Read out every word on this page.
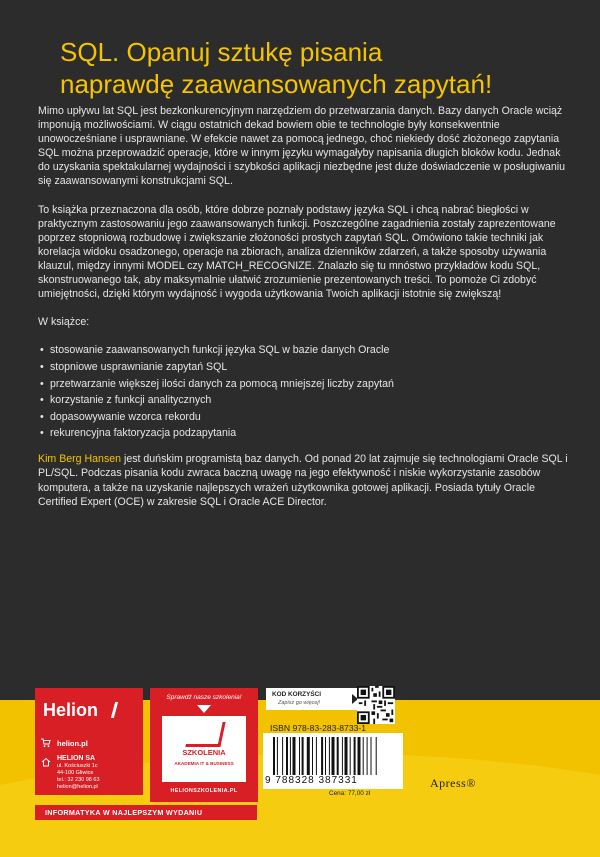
SQL. Opanuj sztukę pisania
naprawdę zaawansowanych zapytań!

Mimo upływu lat SQL jest bezkonkurencyjnym narzędziem do przetwarzania danych. Bazy danych Oracle wciąż imponują możliwościami. W ciągu ostatnich dekad bowiem obie te technologie były konsekwentnie unowocześniane i usprawniane. W efekcie nawet za pomocą jednego, choć niekiedy dość złożonego zapytania SQL można przeprowadzić operacje, które w innym języku wymagałyby napisania długich bloków kodu. Jednak do uzyskania spektakularnej wydajności i szybkości aplikacji niezbędne jest duże doświadczenie w posługiwaniu się zaawansowanymi konstrukcjami SQL.

To książka przeznaczona dla osób, które dobrze poznały podstawy języka SQL i chcą nabrać biegłości w praktycznym zastosowaniu jego zaawansowanych funkcji. Poszczególne zagadnienia zostały zaprezentowane poprzez stopniową rozbudowę i zwiększanie złożoności prostych zapytań SQL. Omówiono takie techniki jak korelacja widoku osadzonego, operacje na zbiorach, analiza dzienników zdarzeń, a także sposoby używania klauzul, między innymi MODEL czy MATCH_RECOGNIZE. Znalazło się tu mnóstwo przykładów kodu SQL, skonstruowanego tak, aby maksymalnie ułatwić zrozumienie prezentowanych treści. To pomoże Ci zdobyć umiejętności, dzięki którym wydajność i wygoda użytkowania Twoich aplikacji istotnie się zwiększą!

W książce:

• stosowanie zaawansowanych funkcji języka SQL w bazie danych Oracle
• stopniowe usprawnianie zapytań SQL
• przetwarzanie większej ilości danych za pomocą mniejszej liczby zapytań
• korzystanie z funkcji analitycznych
• dopasowywanie wzorca rekordu
• rekurencyjna faktoryzacja podzapytania

Kim Berg Hansen jest duńskim programistą baz danych. Od ponad 20 lat zajmuje się technologiami Oracle SQL i PL/SQL. Podczas pisania kodu zwraca baczną uwagę na jego efektywność i niskie wykorzystanie zasobów komputera, a także na uzyskanie najlepszych wrażeń użytkownika gotowej aplikacji. Posiada tytuły Oracle Certified Expert (OCE) w zakresie SQL i Oracle ACE Director.

Helion
helion.pl
HELION SA
ul. Kościuszki 1c
44-100 Gliwice
tel.: 32 230 98 63
helion@helion.pl
INFORMATYKA W NAJLEPSZYM WYDANIU
Sprawdź nasze szkolenia!
SZKOLENIA
AKADEMIA IT & BUSINESS
HELIONSZKOLENIA.PL
KOD KORZYŚCI
Zapisz go więcej!
ISBN 978-83-283-8733-1
9 788328 387331
Cena: 77,00 zł
Apress®
